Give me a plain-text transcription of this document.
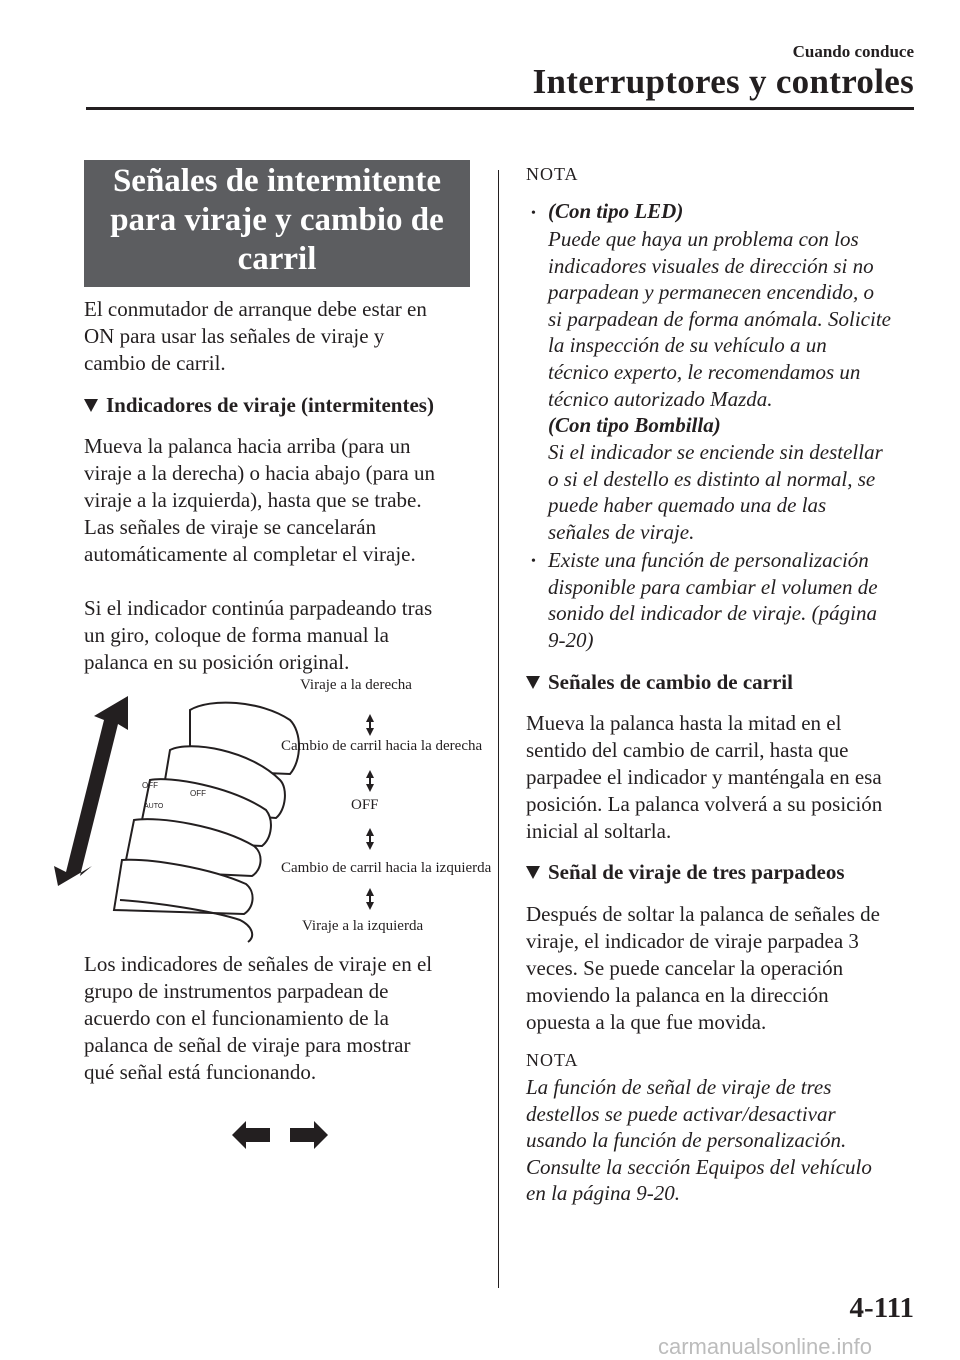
Cuando conduce
Interruptores y controles
Señales de intermitente
para viraje y cambio de
carril
El conmutador de arranque debe estar en
ON para usar las señales de viraje y
cambio de carril.
Indicadores de viraje (intermitentes)
Mueva la palanca hacia arriba (para un
viraje a la derecha) o hacia abajo (para un
viraje a la izquierda), hasta que se trabe.
Las señales de viraje se cancelarán
automáticamente al completar el viraje.
Si el indicador continúa parpadeando tras
un giro, coloque de forma manual la
palanca en su posición original.
OFF
OFF
AUTO
Viraje a la derecha
Cambio de carril hacia la derecha
OFF
Cambio de carril hacia la izquierda
Viraje a la izquierda
Los indicadores de señales de viraje en el
grupo de instrumentos parpadean de
acuerdo con el funcionamiento de la
palanca de señal de viraje para mostrar
qué señal está funcionando.
NOTA
• (Con tipo LED)
Puede que haya un problema con los
indicadores visuales de dirección si no
parpadean y permanecen encendido, o
si parpadean de forma anómala. Solicite
la inspección de su vehículo a un
técnico experto, le recomendamos un
técnico autorizado Mazda.
(Con tipo Bombilla)
Si el indicador se enciende sin destellar
o si el destello es distinto al normal, se
puede haber quemado una de las
señales de viraje.
• Existe una función de personalización
disponible para cambiar el volumen de
sonido del indicador de viraje. (página
9-20)
Señales de cambio de carril
Mueva la palanca hasta la mitad en el
sentido del cambio de carril, hasta que
parpadee el indicador y manténgala en esa
posición. La palanca volverá a su posición
inicial al soltarla.
Señal de viraje de tres parpadeos
Después de soltar la palanca de señales de
viraje, el indicador de viraje parpadea 3
veces. Se puede cancelar la operación
moviendo la palanca en la dirección
opuesta a la que fue movida.
NOTA
La función de señal de viraje de tres
destellos se puede activar/desactivar
usando la función de personalización.
Consulte la sección Equipos del vehículo
en la página 9-20.
4-111
carmanualsonline.info
